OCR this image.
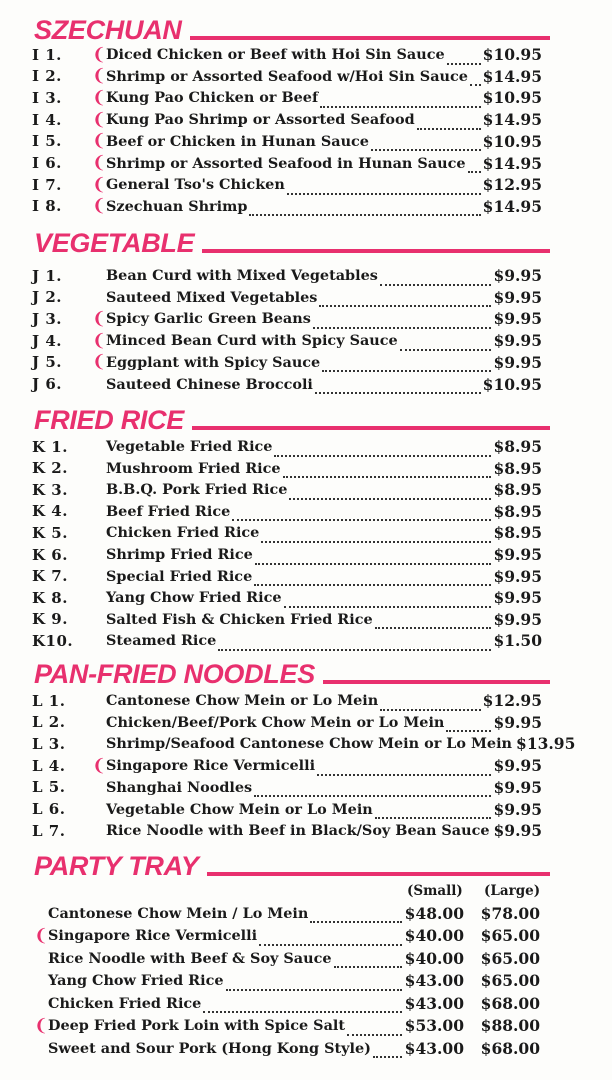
SZECHUAN
I 1.	❨ Diced Chicken or Beef with Hoi Sin Sauce $10.95
I 2.	❨ Shrimp or Assorted Seafood w/Hoi Sin Sauce $14.95
I 3.	❨ Kung Pao Chicken or Beef	$10.95
I 4.	❨ Kung Pao Shrimp or Assorted Seafood	$14.95
I 5.	❨ Beef or Chicken in Hunan Sauce	$10.95
I 6.	❨ Shrimp or Assorted Seafood in Hunan Sauce $14.95
I 7.	❨ General Tso's Chicken	$12.95
I 8.	❨ Szechuan Shrimp	$14.95
VEGETABLE
J 1.	Bean Curd with Mixed Vegetables	$9.95
J 2.	Sauteed Mixed Vegetables	$9.95
J 3.	❨ Spicy Garlic Green Beans	$9.95
J 4.	❨ Minced Bean Curd with Spicy Sauce	$9.95
J 5.	❨ Eggplant with Spicy Sauce	$9.95
J 6.	Sauteed Chinese Broccoli	$10.95
FRIED RICE
K 1.	Vegetable Fried Rice	$8.95
K 2.	Mushroom Fried Rice	$8.95
K 3.	B.B.Q. Pork Fried Rice	$8.95
K 4.	Beef Fried Rice	$8.95
K 5.	Chicken Fried Rice	$8.95
K 6.	Shrimp Fried Rice	$9.95
K 7.	Special Fried Rice	$9.95
K 8.	Yang Chow Fried Rice	$9.95
K 9.	Salted Fish & Chicken Fried Rice	$9.95
K10.	Steamed Rice	$1.50
PAN-FRIED NOODLES
L 1.	Cantonese Chow Mein or Lo Mein	$12.95
L 2.	Chicken/Beef/Pork Chow Mein or Lo Mein	$9.95
L 3.	Shrimp/Seafood Cantonese Chow Mein or Lo Mein $13.95
L 4.	❨ Singapore Rice Vermicelli	$9.95
L 5.	Shanghai Noodles	$9.95
L 6.	Vegetable Chow Mein or Lo Mein	$9.95
L 7.	Rice Noodle with Beef in Black/Soy Bean Sauce $9.95
PARTY TRAY
(Small) (Large)
Cantonese Chow Mein / Lo Mein	$48.00	$78.00
❨ Singapore Rice Vermicelli	$40.00	$65.00
Rice Noodle with Beef & Soy Sauce	$40.00	$65.00
Yang Chow Fried Rice	$43.00	$65.00
Chicken Fried Rice	$43.00	$68.00
❨ Deep Fried Pork Loin with Spice Salt	$53.00	$88.00
Sweet and Sour Pork (Hong Kong Style) $43.00	$68.00
